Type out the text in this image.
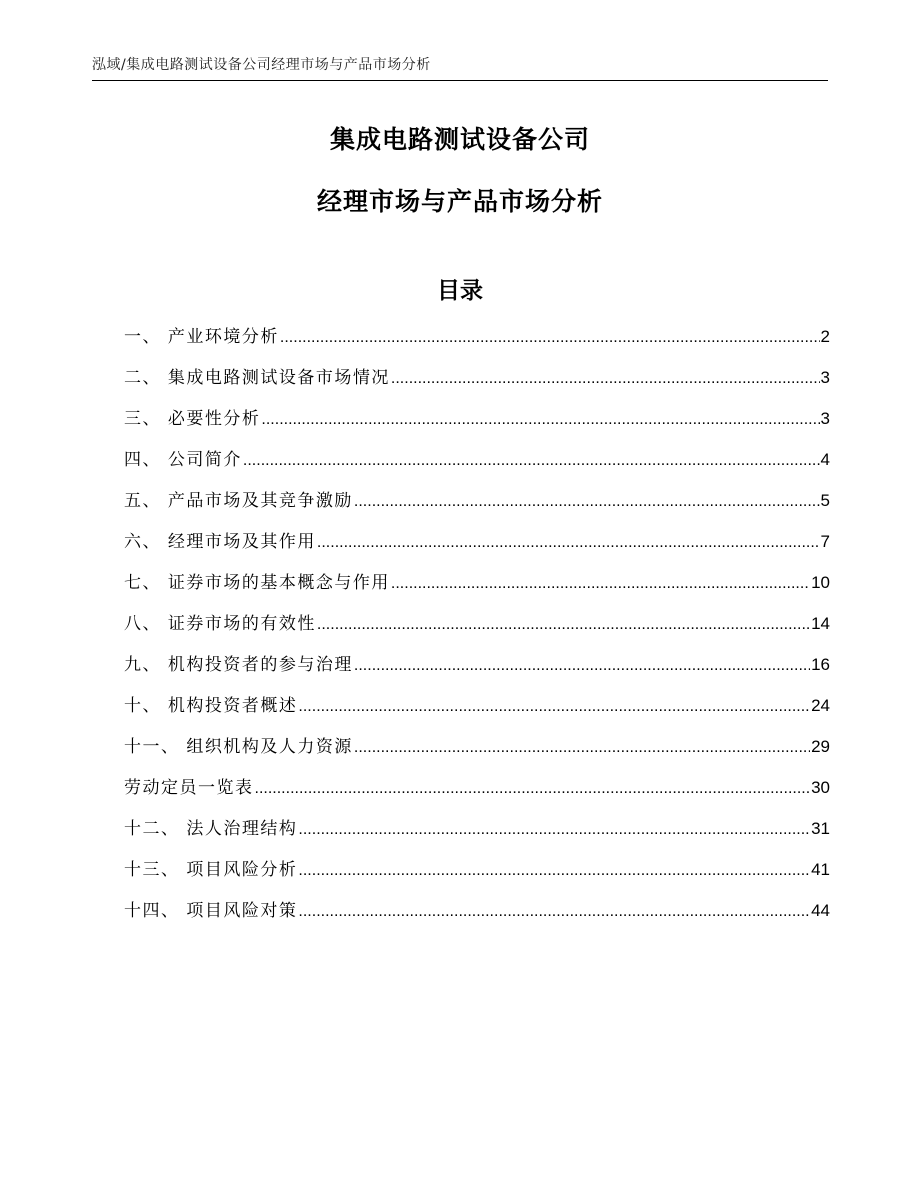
泓域/集成电路测试设备公司经理市场与产品市场分析
集成电路测试设备公司
经理市场与产品市场分析
目录
一、 产业环境分析 .....	2
二、 集成电路测试设备市场情况 .....	3
三、 必要性分析 .....	3
四、 公司简介 .....	4
五、 产品市场及其竞争激励 .....	5
六、 经理市场及其作用 .....	7
七、 证券市场的基本概念与作用 .....	10
八、 证券市场的有效性 .....	14
九、 机构投资者的参与治理 .....	16
十、 机构投资者概述 .....	24
十一、 组织机构及人力资源 .....	29
劳动定员一览表 .....	30
十二、 法人治理结构 .....	31
十三、 项目风险分析 .....	41
十四、 项目风险对策 .....	44
